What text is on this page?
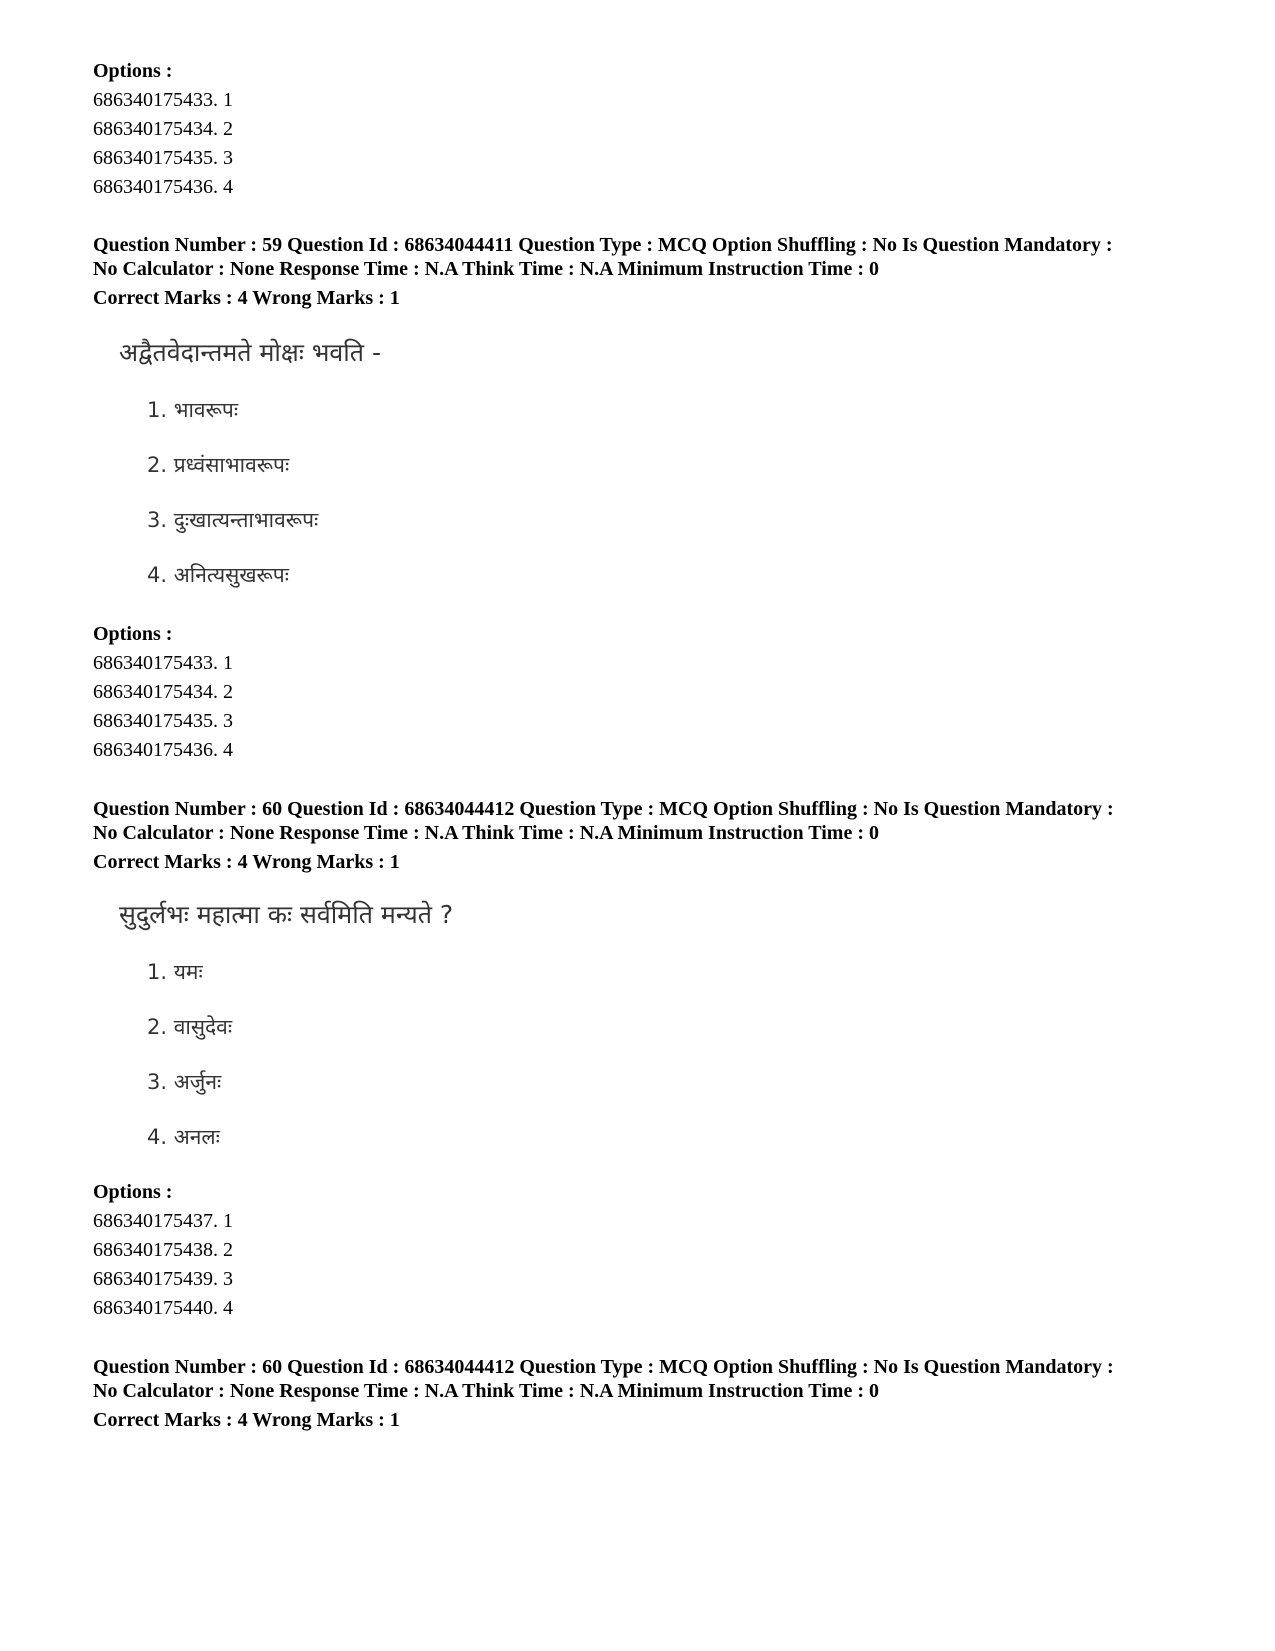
Options :
686340175433. 1
686340175434. 2
686340175435. 3
686340175436. 4
Question Number : 59 Question Id : 68634044411 Question Type : MCQ Option Shuffling : No Is Question Mandatory :
No Calculator : None Response Time : N.A Think Time : N.A Minimum Instruction Time : 0
Correct Marks : 4 Wrong Marks : 1
अद्वैतवेदान्तमते मोक्षः भवति -
1. भावरूपः
2. प्रध्वंसाभावरूपः
3. दुःखात्यन्ताभावरूपः
4. अनित्यसुखरूपः
Options :
686340175433. 1
686340175434. 2
686340175435. 3
686340175436. 4
Question Number : 60 Question Id : 68634044412 Question Type : MCQ Option Shuffling : No Is Question Mandatory :
No Calculator : None Response Time : N.A Think Time : N.A Minimum Instruction Time : 0
Correct Marks : 4 Wrong Marks : 1
सुदुर्लभः महात्मा कः सर्वमिति मन्यते ?
1. यमः
2. वासुदेवः
3. अर्जुनः
4. अनलः
Options :
686340175437. 1
686340175438. 2
686340175439. 3
686340175440. 4
Question Number : 60 Question Id : 68634044412 Question Type : MCQ Option Shuffling : No Is Question Mandatory :
No Calculator : None Response Time : N.A Think Time : N.A Minimum Instruction Time : 0
Correct Marks : 4 Wrong Marks : 1
